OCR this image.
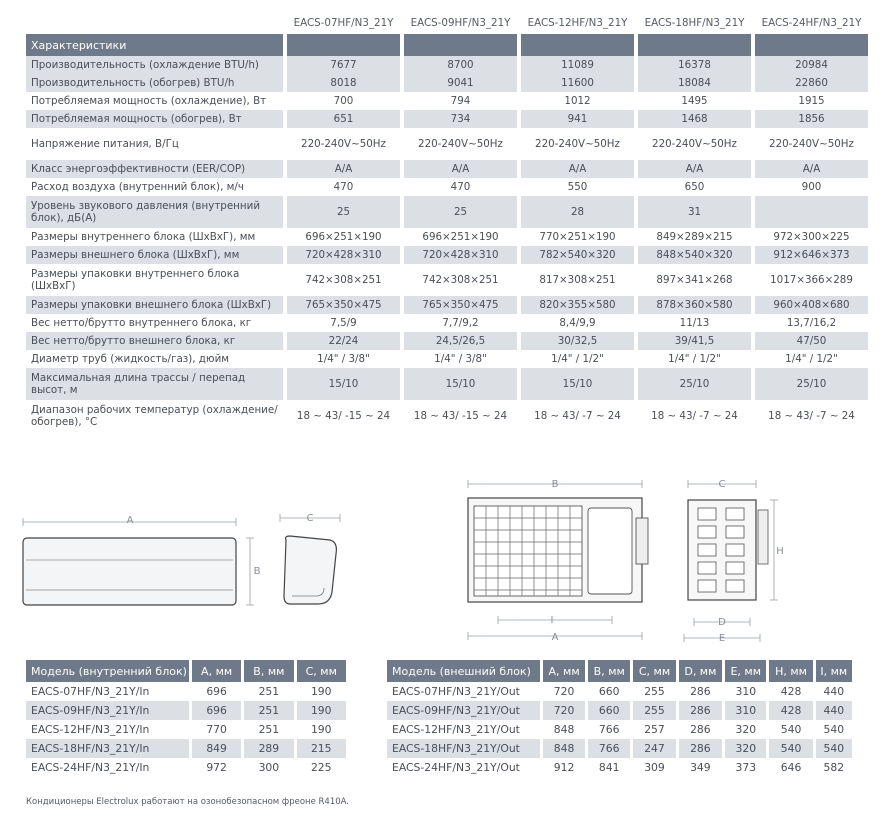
		EACS-07HF/N3_21Y		EACS-09HF/N3_21Y		EACS-12HF/N3_21Y		EACS-18HF/N3_21Y		EACS-24HF/N3_21Y
Характеристики										
Производительность (охлаждение BTU/h)		7677		8700		11089		16378		20984
Производительность (обогрев) BTU/h		8018		9041		11600		18084		22860
Потребляемая мощность (охлаждение), Вт		700		794		1012		1495		1915
Потребляемая мощность (обогрев), Вт		651		734		941		1468		1856
Напряжение питания, В/Гц		220-240V~50Hz		220-240V~50Hz		220-240V~50Hz		220-240V~50Hz		220-240V~50Hz
Класс энергоэффективности (EER/COP)		A/A		A/A		A/A		A/A		A/A
Расход воздуха (внутренний блок), м/ч		470		470		550		650		900
Уровень звукового давления (внутренний блок), дБ(А)		25		25		28		31		
Размеры внутреннего блока (ШхВхГ), мм		696×251×190		696×251×190		770×251×190		849×289×215		972×300×225
Размеры внешнего блока (ШхВхГ), мм		720×428×310		720×428×310		782×540×320		848×540×320		912×646×373
Размеры упаковки внутреннего блока (ШхВхГ)		742×308×251		742×308×251		817×308×251		897×341×268		1017×366×289
Размеры упаковки внешнего блока (ШхВхГ)		765×350×475		765×350×475		820×355×580		878×360×580		960×408×680
Вес нетто/брутто внутреннего блока, кг		7,5/9		7,7/9,2		8,4/9,9		11/13		13,7/16,2
Вес нетто/брутто внешнего блока, кг		22/24		24,5/26,5		30/32,5		39/41,5		47/50
Диаметр труб (жидкость/газ), дюйм		1/4" / 3/8"		1/4" / 3/8"		1/4" / 1/2"		1/4" / 1/2"		1/4" / 1/2"
Максимальная длина трассы / перепад высот, м		15/10		15/10		15/10		25/10		25/10
Диапазон рабочих температур (охлаждение/обогрев), °С		18 ~ 43/ -15 ~ 24		18 ~ 43/ -15 ~ 24		18 ~ 43/ -7 ~ 24		18 ~ 43/ -7 ~ 24		18 ~ 43/ -7 ~ 24
A
B
C
B
I
A
C
H
D
E
Модель (внутренний блок)		A, мм		B, мм		C, мм
EACS-07HF/N3_21Y/In		696		251		190
EACS-09HF/N3_21Y/In		696		251		190
EACS-12HF/N3_21Y/In		770		251		190
EACS-18HF/N3_21Y/In		849		289		215
EACS-24HF/N3_21Y/In		972		300		225
Модель (внешний блок)		A, мм		B, мм		C, мм		D, мм		E, мм		H, мм		I, мм
EACS-07HF/N3_21Y/Out		720		660		255		286		310		428		440
EACS-09HF/N3_21Y/Out		720		660		255		286		310		428		440
EACS-12HF/N3_21Y/Out		848		766		257		286		320		540		540
EACS-18HF/N3_21Y/Out		848		766		247		286		320		540		540
EACS-24HF/N3_21Y/Out		912		841		309		349		373		646		582
Кондиционеры Electrolux работают на озонобезопасном фреоне R410A.
